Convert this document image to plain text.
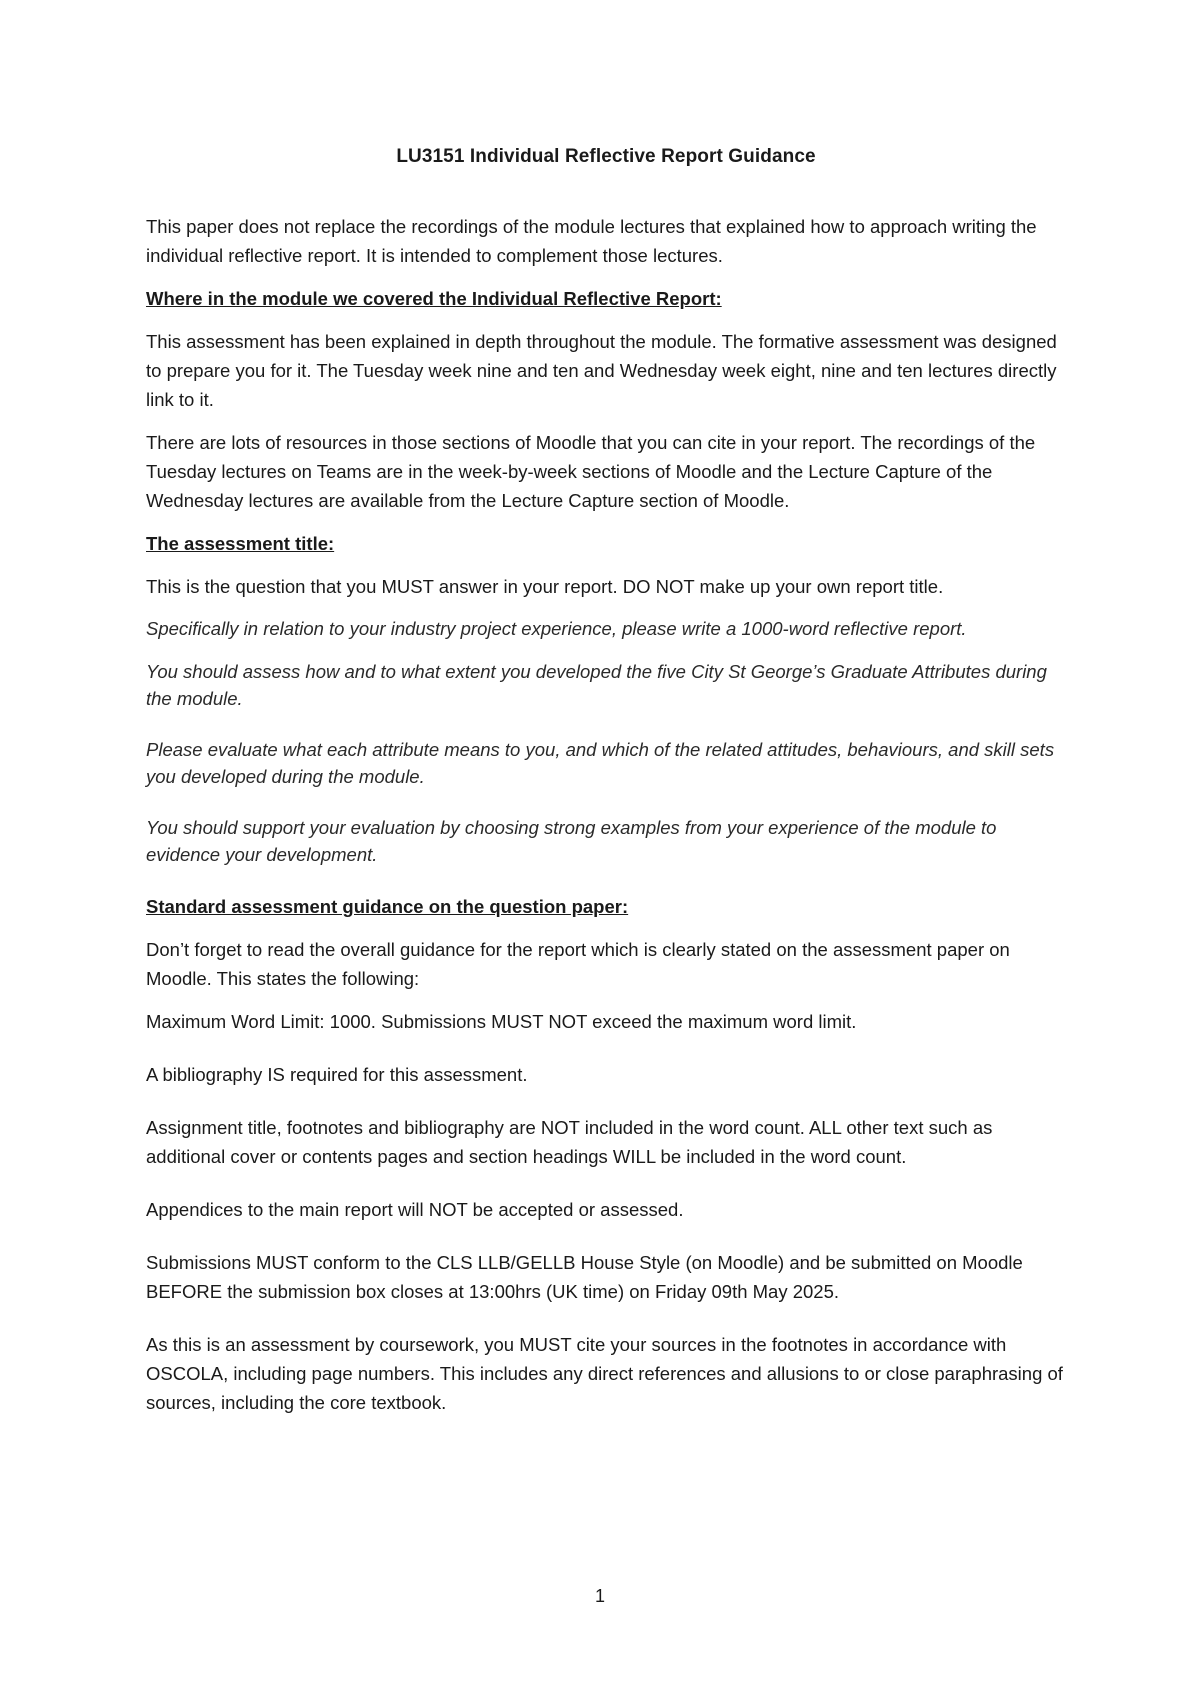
LU3151 Individual Reflective Report Guidance

This paper does not replace the recordings of the module lectures that explained how to approach writing the individual reflective report. It is intended to complement those lectures.

Where in the module we covered the Individual Reflective Report:

This assessment has been explained in depth throughout the module. The formative assessment was designed to prepare you for it. The Tuesday week nine and ten and Wednesday week eight, nine and ten lectures directly link to it.

There are lots of resources in those sections of Moodle that you can cite in your report. The recordings of the Tuesday lectures on Teams are in the week-by-week sections of Moodle and the Lecture Capture of the Wednesday lectures are available from the Lecture Capture section of Moodle.

The assessment title:

This is the question that you MUST answer in your report. DO NOT make up your own report title.

Specifically in relation to your industry project experience, please write a 1000-word reflective report.

You should assess how and to what extent you developed the five City St George’s Graduate Attributes during the module.

Please evaluate what each attribute means to you, and which of the related attitudes, behaviours, and skill sets you developed during the module.

You should support your evaluation by choosing strong examples from your experience of the module to evidence your development.

Standard assessment guidance on the question paper:

Don’t forget to read the overall guidance for the report which is clearly stated on the assessment paper on Moodle. This states the following:

Maximum Word Limit: 1000. Submissions MUST NOT exceed the maximum word limit.

A bibliography IS required for this assessment.

Assignment title, footnotes and bibliography are NOT included in the word count. ALL other text such as additional cover or contents pages and section headings WILL be included in the word count.

Appendices to the main report will NOT be accepted or assessed.

Submissions MUST conform to the CLS LLB/GELLB House Style (on Moodle) and be submitted on Moodle BEFORE the submission box closes at 13:00hrs (UK time) on Friday 09th May 2025.

As this is an assessment by coursework, you MUST cite your sources in the footnotes in accordance with OSCOLA, including page numbers. This includes any direct references and allusions to or close paraphrasing of sources, including the core textbook.

1
